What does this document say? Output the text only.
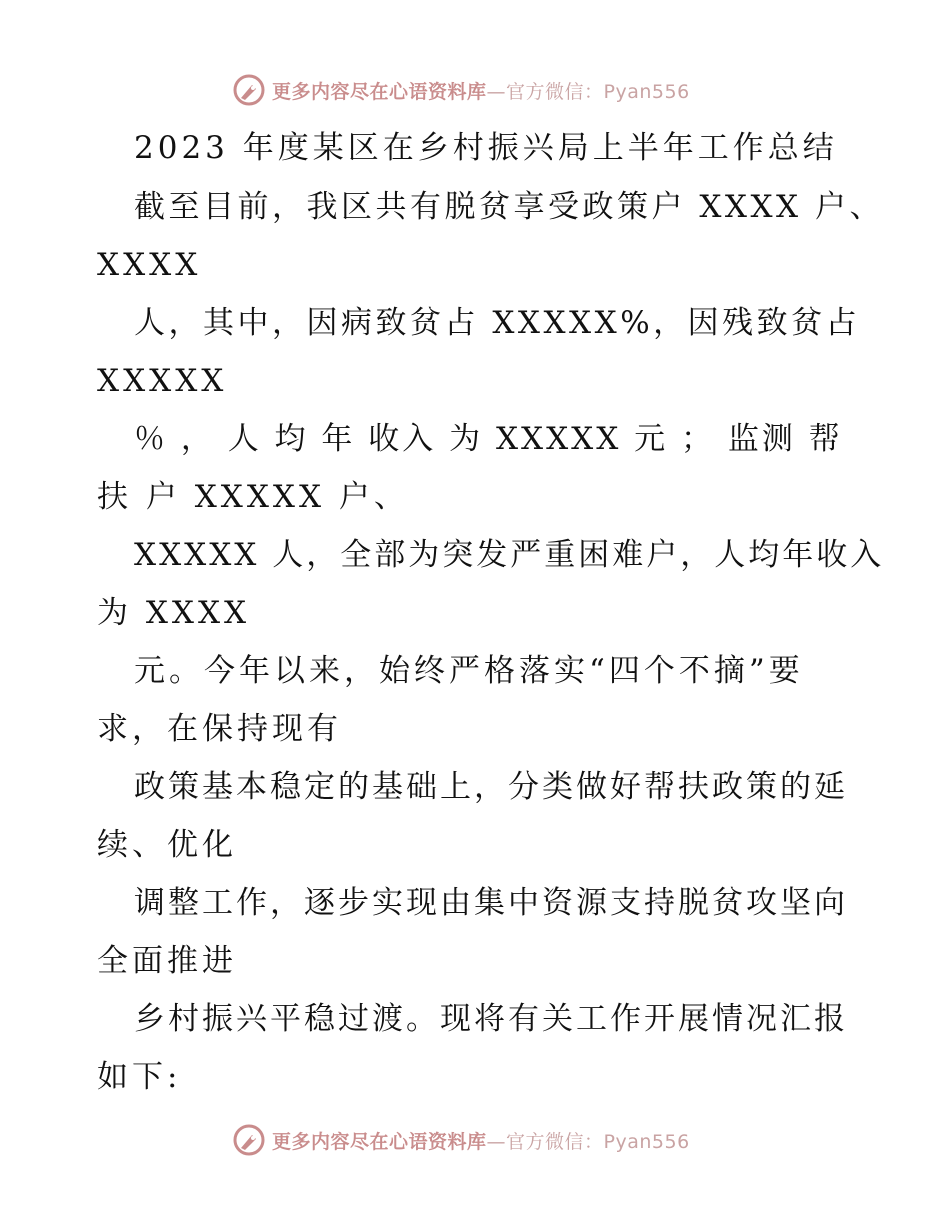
更多内容尽在心语资料库—官方微信：Pyan556
2023 年度某区在乡村振兴局上半年工作总结
截至目前，我区共有脱贫享受政策户 XXXX 户、
XXXX
人，其中，因病致贫占 XXXXX%，因残致贫占
XXXXX
％ ， 人 均 年 收入 为 XXXXX 元 ； 监测 帮
扶 户 XXXXX 户、
XXXXX 人，全部为突发严重困难户，人均年收入
为 XXXX
元。今年以来，始终严格落实“四个不摘”要
求，在保持现有
政策基本稳定的基础上，分类做好帮扶政策的延
续、优化
调整工作，逐步实现由集中资源支持脱贫攻坚向
全面推进
乡村振兴平稳过渡。现将有关工作开展情况汇报
如下:
更多内容尽在心语资料库—官方微信：Pyan556
